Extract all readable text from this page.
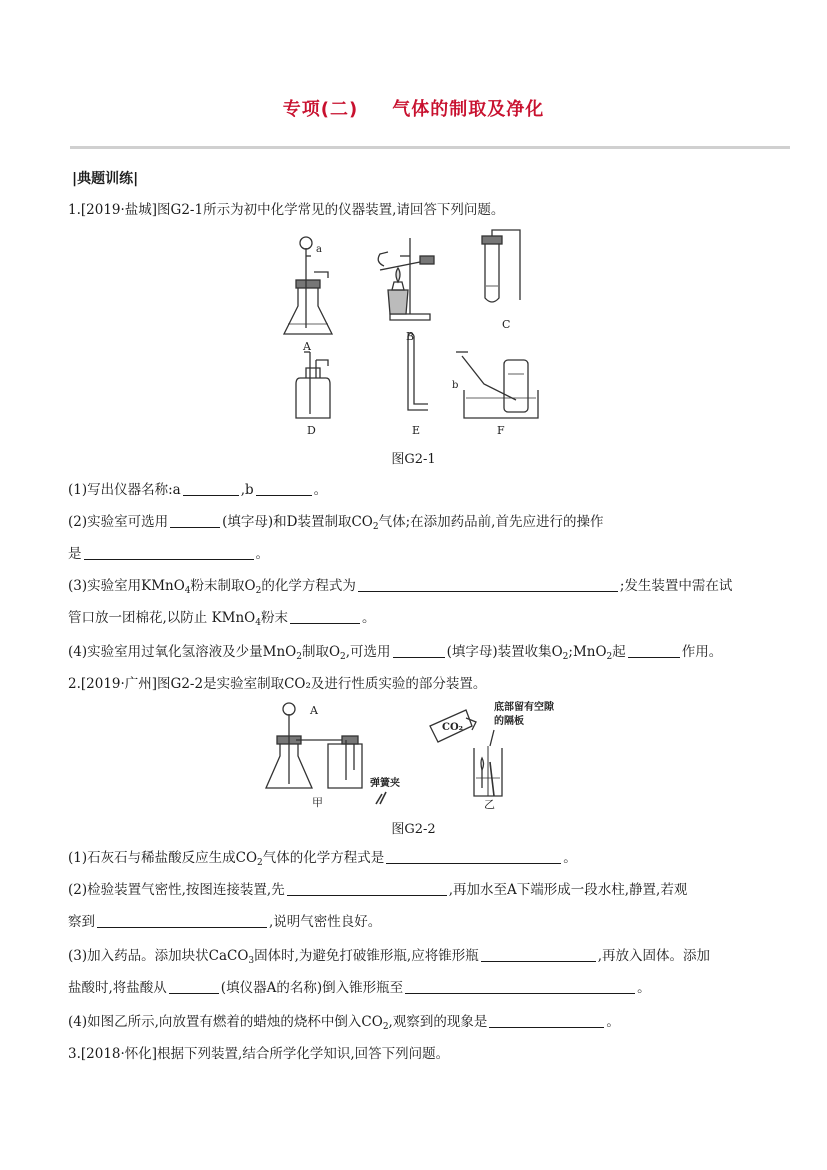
专项(二) 气体的制取及净化
|典题训练|
1.[2019·盐城]图G2-1所示为初中化学常见的仪器装置,请回答下列问题。
A
B
C
D	E	F
a
b
图G2-1
(1)写出仪器名称:a	,b	。
(2)实验室可选用	(填字母)和D装置制取$CO_2$气体;在添加药品前,首先应进行的操作
是	。
(3)实验室用KMnO$_4$粉末制取$O_2$的化学方程式为	;发生装置中需在试
管口放一团棉花,以防止 KMnO$_4$粉末	。
(4)实验室用过氧化氢溶液及少量MnO$_2$制取$O_2$,可选用	(填字母)装置收集$O_2;MnO_2$起	作用。
2.[2019·广州]图G2-2是实验室制取CO₂及进行性质实验的部分装置。
A
CO₂
底部留有空隙
的隔板
弹簧夹
甲	乙
图G2-2
(1)石灰石与稀盐酸反应生成$CO_2$气体的化学方程式是	。
(2)检验装置气密性,按图连接装置,先	,再加水至A下端形成一段水柱,静置,若观
察到	,说明气密性良好。
(3)加入药品。添加块状CaCO$_3$固体时,为避免打破锥形瓶,应将锥形瓶	,再放入固体。添加
盐酸时,将盐酸从	(填仪器A的名称)倒入锥形瓶至	。
(4)如图乙所示,向放置有燃着的蜡烛的烧杯中倒入$CO_2$,观察到的现象是	。
3.[2018·怀化]根据下列装置,结合所学化学知识,回答下列问题。
